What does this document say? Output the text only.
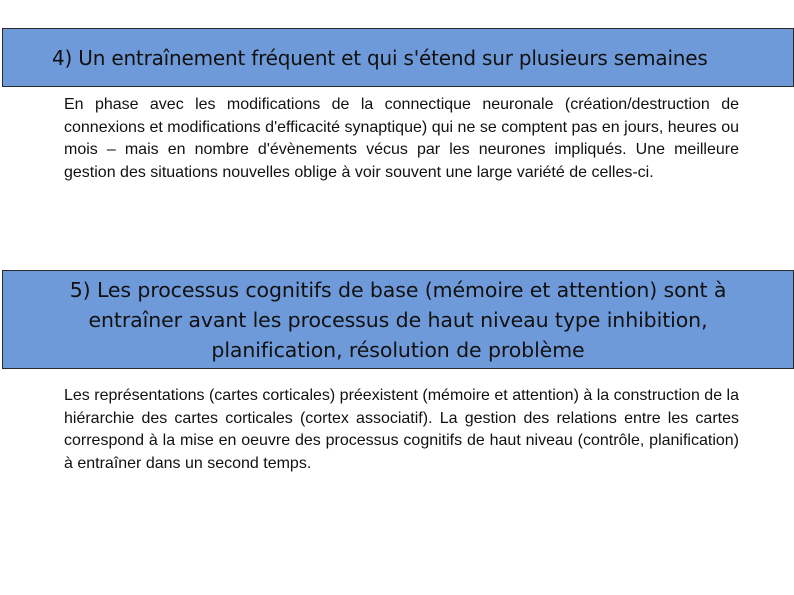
4) Un entraînement fréquent et qui s'étend sur plusieurs semaines

En phase avec les modifications de la connectique neuronale (création/destruction de connexions et modifications d'efficacité synaptique) qui ne se comptent pas en jours, heures ou mois – mais en nombre d'évènements vécus par les neurones impliqués. Une meilleure gestion des situations nouvelles oblige à voir souvent une large variété de celles-ci.

5) Les processus cognitifs de base (mémoire et attention) sont à entraîner avant les processus de haut niveau type inhibition, planification, résolution de problème

Les représentations (cartes corticales) préexistent (mémoire et attention) à la construction de la hiérarchie des cartes corticales (cortex associatif). La gestion des relations entre les cartes correspond à la mise en oeuvre des processus cognitifs de haut niveau (contrôle, planification) à entraîner dans un second temps.
